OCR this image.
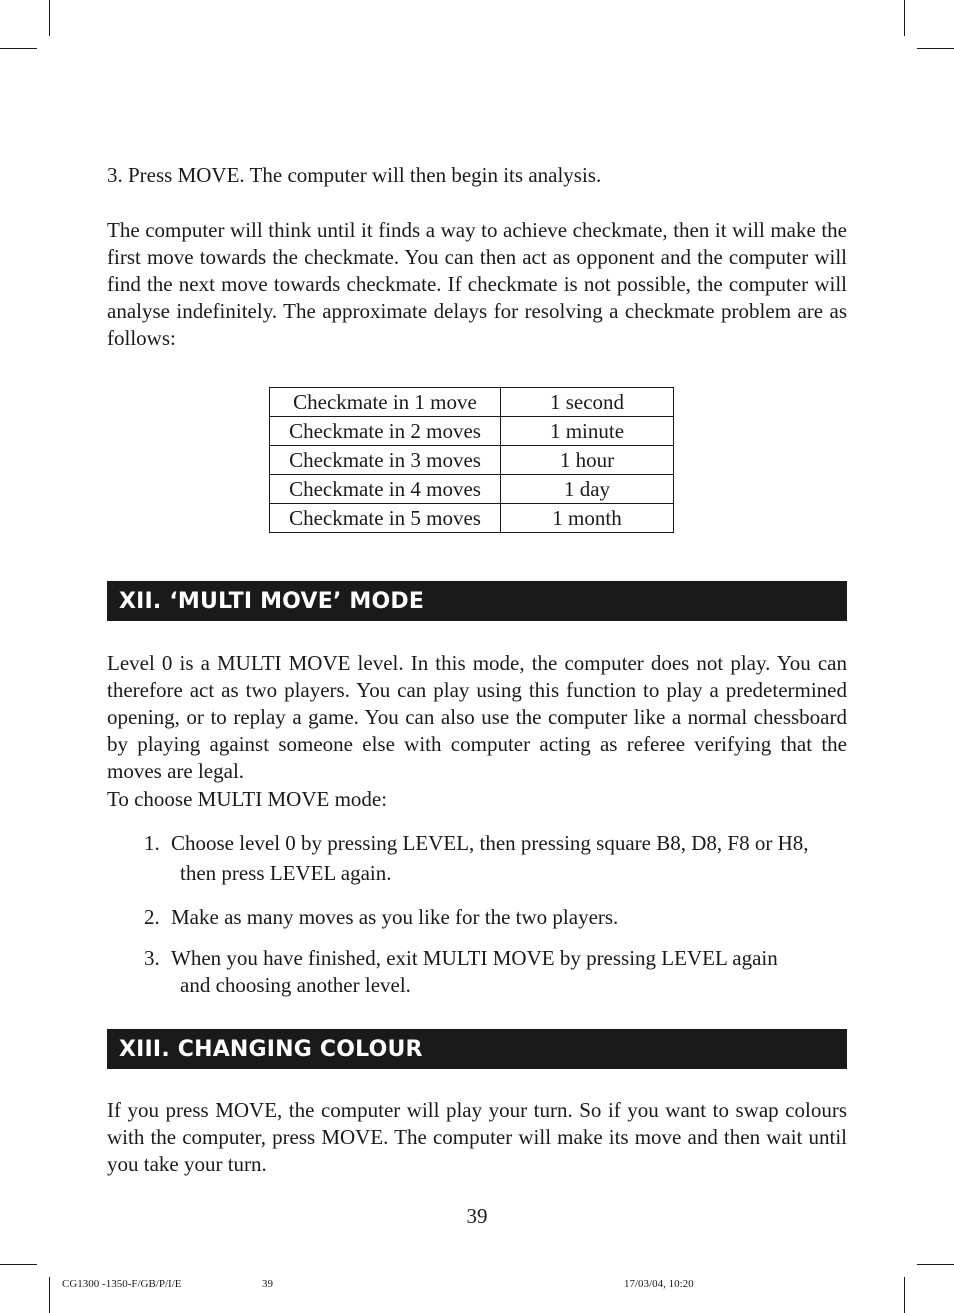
3. Press MOVE. The computer will then begin its analysis.

The computer will think until it finds a way to achieve checkmate, then it will make the first move towards the checkmate. You can then act as opponent and the computer will find the next move towards checkmate. If checkmate is not possible, the computer will analyse indefinitely. The approximate delays for resolving a checkmate problem are as follows:

Checkmate in 1 move	1 second
Checkmate in 2 moves	1 minute
Checkmate in 3 moves	1 hour
Checkmate in 4 moves	1 day
Checkmate in 5 moves	1 month
XII. ‘MULTI MOVE’ MODE

Level 0 is a MULTI MOVE level. In this mode, the computer does not play. You can therefore act as two players. You can play using this function to play a predetermined opening, or to replay a game. You can also use the computer like a normal chessboard by playing against someone else with computer acting as referee verifying that the moves are legal.

To choose MULTI MOVE mode:

1. Choose level 0 by pressing LEVEL, then pressing square B8, D8, F8 or H8,
then press LEVEL again.
2. Make as many moves as you like for the two players.
3. When you have finished, exit MULTI MOVE by pressing LEVEL again
and choosing another level.
XIII. CHANGING COLOUR

If you press MOVE, the computer will play your turn. So if you want to swap colours with the computer, press MOVE. The computer will make its move and then wait until you take your turn.

39
CG1300 -1350-F/GB/P/I/E	39	17/03/04, 10:20
